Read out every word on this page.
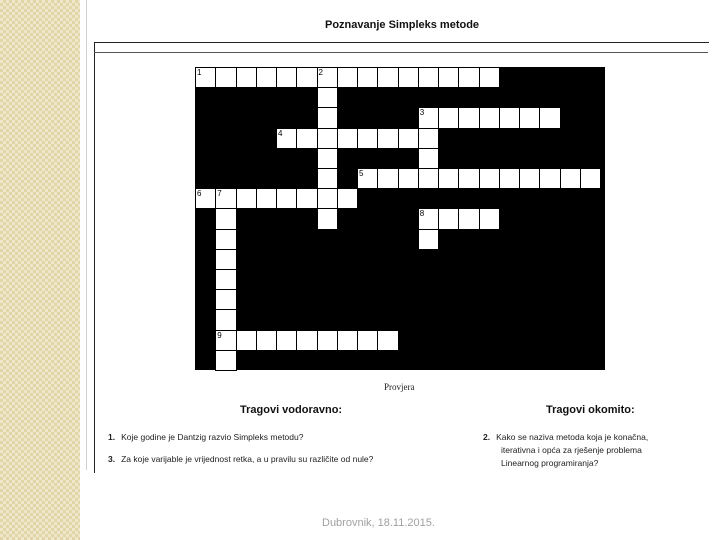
Poznavanje Simpleks metode
1	2
3
4
5
6 7
8
9
Provjera
Tragovi vodoravno:	Tragovi okomito:
1. Koje godine je Dantzig razvio Simpleks metodu?
3. Za koje varijable je vrijednost retka, a u pravilu su različite od nule?
2. Kako se naziva metoda koja je konačna,
iterativna i opća za rješenje problema
Linearnog programiranja?
Dubrovnik, 18.11.2015.
